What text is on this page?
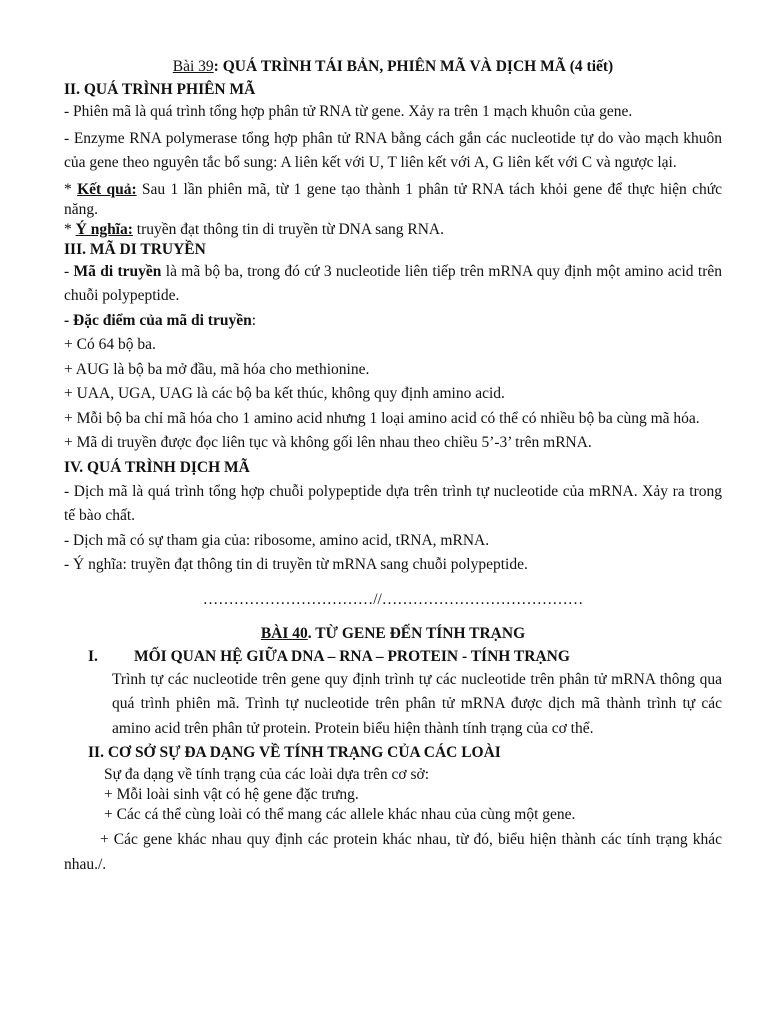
Bài 39: QUÁ TRÌNH TÁI BẢN, PHIÊN MÃ VÀ DỊCH MÃ (4 tiết)

II. QUÁ TRÌNH PHIÊN MÃ

- Phiên mã là quá trình tổng hợp phân tử RNA từ gene. Xảy ra trên 1 mạch khuôn của gene.

- Enzyme RNA polymerase tổng hợp phân tử RNA bằng cách gắn các nucleotide tự do vào mạch khuôn của gene theo nguyên tắc bổ sung: A liên kết với U, T liên kết với A, G liên kết với C và ngược lại.

* Kết quả: Sau 1 lần phiên mã, từ 1 gene tạo thành 1 phân tử RNA tách khỏi gene để thực hiện chức năng.

* Ý nghĩa: truyền đạt thông tin di truyền từ DNA sang RNA.

III. MÃ DI TRUYỀN

- Mã di truyền là mã bộ ba, trong đó cứ 3 nucleotide liên tiếp trên mRNA quy định một amino acid trên chuỗi polypeptide.

- Đặc điểm của mã di truyền:

+ Có 64 bộ ba.

+ AUG là bộ ba mở đầu, mã hóa cho methionine.

+ UAA, UGA, UAG là các bộ ba kết thúc, không quy định amino acid.

+ Mỗi bộ ba chỉ mã hóa cho 1 amino acid nhưng 1 loại amino acid có thể có nhiều bộ ba cùng mã hóa.

+ Mã di truyền được đọc liên tục và không gối lên nhau theo chiều 5’-3’ trên mRNA.

IV. QUÁ TRÌNH DỊCH MÃ

- Dịch mã là quá trình tổng hợp chuỗi polypeptide dựa trên trình tự nucleotide của mRNA. Xảy ra trong tế bào chất.

- Dịch mã có sự tham gia của: ribosome, amino acid, tRNA, mRNA.

- Ý nghĩa: truyền đạt thông tin di truyền từ mRNA sang chuỗi polypeptide.

……………………………//…………………………………

BÀI 40. TỪ GENE ĐẾN TÍNH TRẠNG

I.	MỐI QUAN HỆ GIỮA DNA – RNA – PROTEIN - TÍNH TRẠNG

Trình tự các nucleotide trên gene quy định trình tự các nucleotide trên phân tử mRNA thông qua quá trình phiên mã. Trình tự nucleotide trên phân tử mRNA được dịch mã thành trình tự các amino acid trên phân tử protein. Protein biểu hiện thành tính trạng của cơ thể.

II. CƠ SỞ SỰ ĐA DẠNG VỀ TÍNH TRẠNG CỦA CÁC LOÀI

Sự đa dạng về tính trạng của các loài dựa trên cơ sở:

+ Mỗi loài sinh vật có hệ gene đặc trưng.

+ Các cá thể cùng loài có thể mang các allele khác nhau của cùng một gene.

+ Các gene khác nhau quy định các protein khác nhau, từ đó, biểu hiện thành các tính trạng khác nhau./.
